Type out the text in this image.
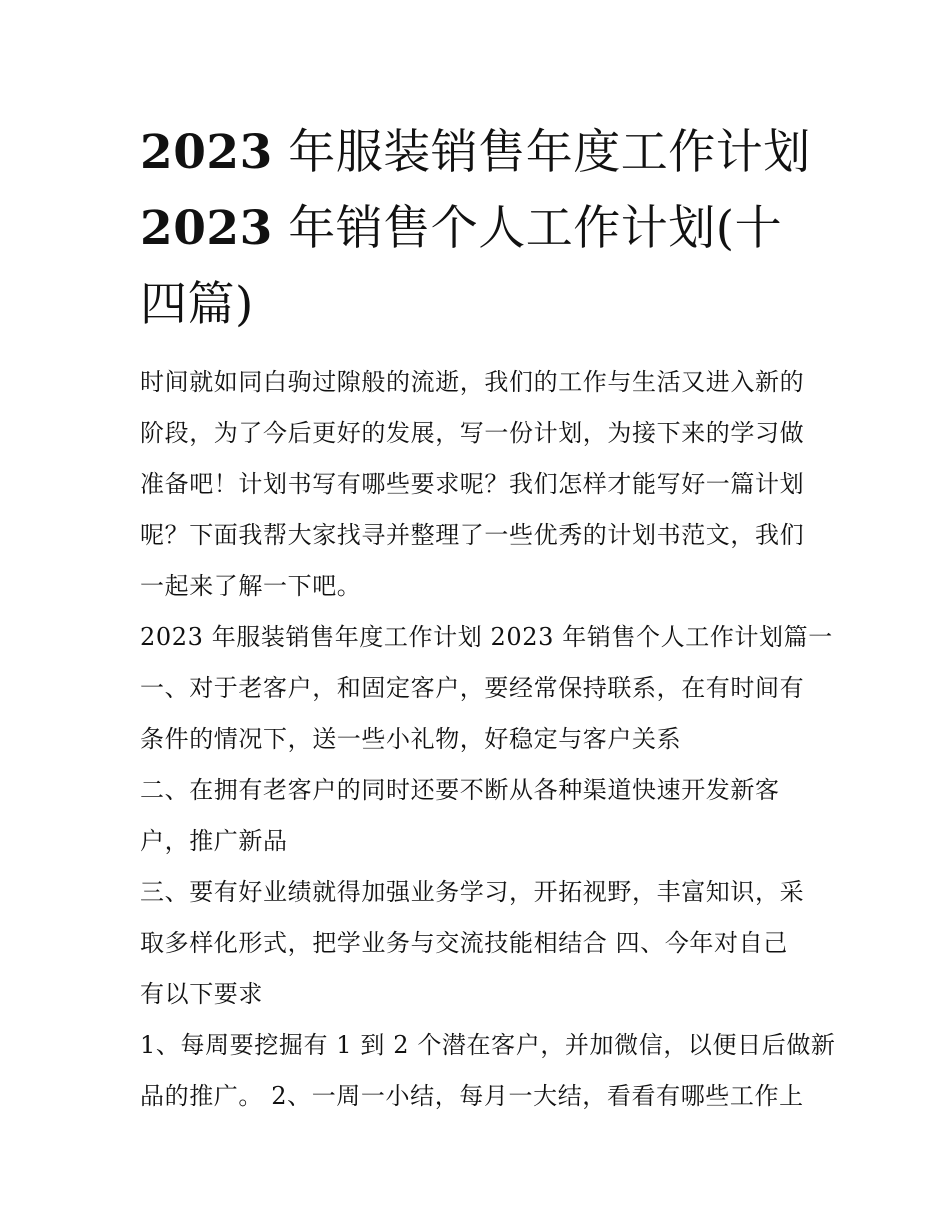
2023 年服装销售年度工作计划
2023 年销售个人工作计划(十
四篇)

时间就如同白驹过隙般的流逝，我们的工作与生活又进入新的

阶段，为了今后更好的发展，写一份计划，为接下来的学习做

准备吧！计划书写有哪些要求呢？我们怎样才能写好一篇计划

呢？下面我帮大家找寻并整理了一些优秀的计划书范文，我们

一起来了解一下吧。

2023 年服装销售年度工作计划 2023 年销售个人工作计划篇一

一、对于老客户，和固定客户，要经常保持联系，在有时间有

条件的情况下，送一些小礼物，好稳定与客户关系

二、在拥有老客户的同时还要不断从各种渠道快速开发新客

户，推广新品

三、要有好业绩就得加强业务学习，开拓视野，丰富知识，采

取多样化形式，把学业务与交流技能相结合 四、今年对自己

有以下要求

1、每周要挖掘有 1 到 2 个潜在客户，并加微信，以便日后做新

品的推广。 2、一周一小结，每月一大结，看看有哪些工作上
